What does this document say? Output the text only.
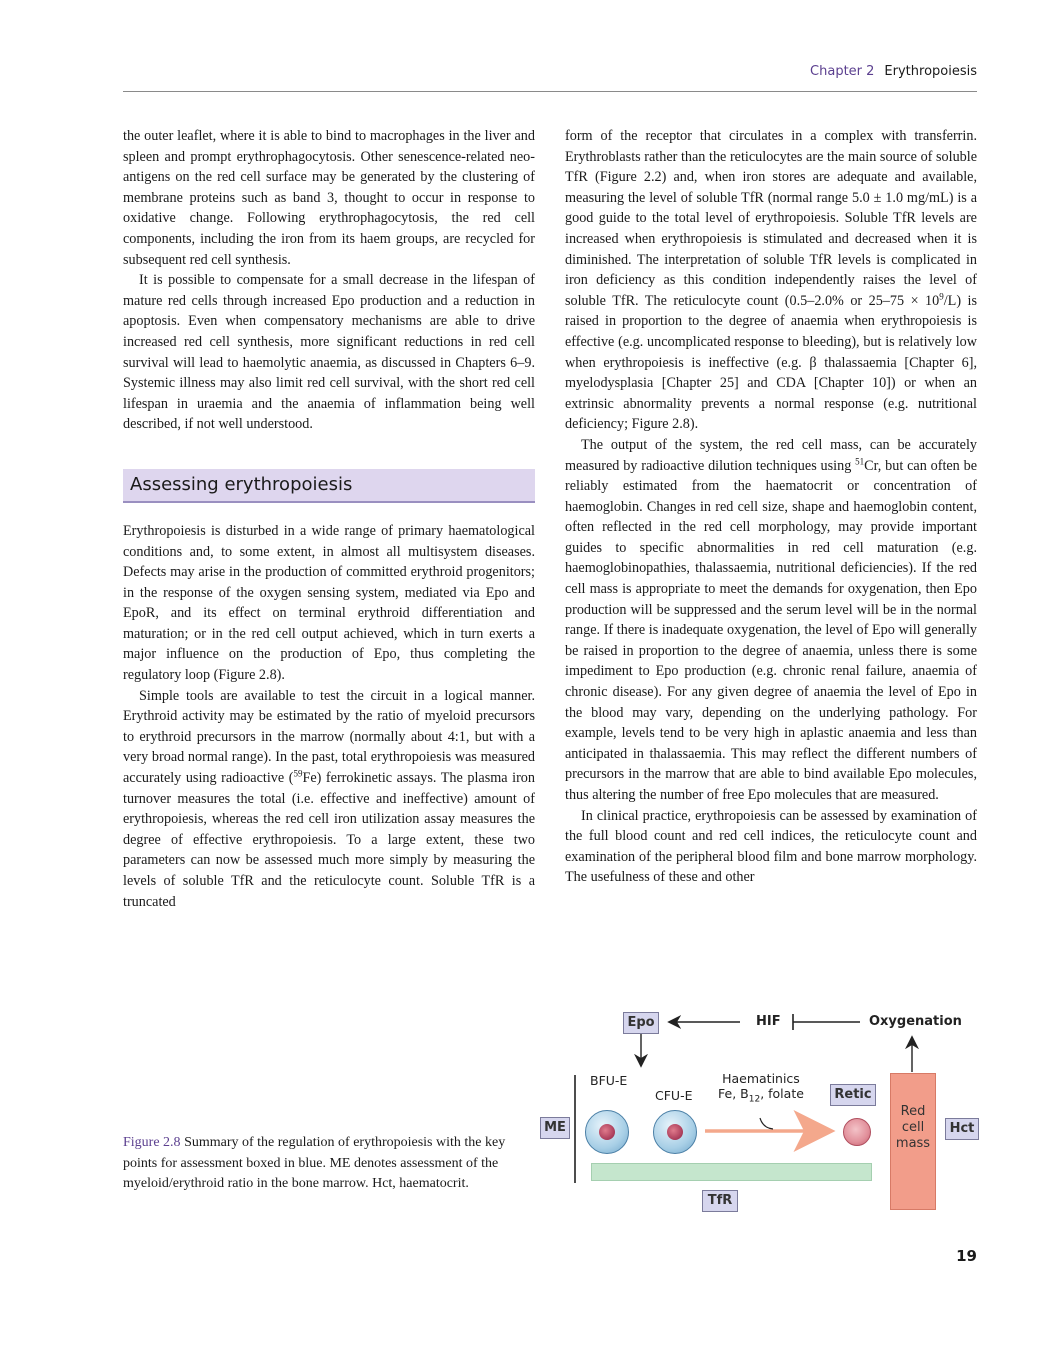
Chapter 2 Erythropoiesis

the outer leaflet, where it is able to bind to macrophages in the liver and spleen and prompt erythrophagocytosis. Other senescence-related neo-antigens on the red cell surface may be generated by the clustering of membrane proteins such as band 3, thought to occur in response to oxidative change. Following erythrophagocytosis, the red cell components, including the iron from its haem groups, are recycled for subsequent red cell synthesis.

It is possible to compensate for a small decrease in the lifespan of mature red cells through increased Epo production and a reduction in apoptosis. Even when compensatory mechanisms are able to drive increased red cell synthesis, more significant reductions in red cell survival will lead to haemolytic anaemia, as discussed in Chapters 6–9. Systemic illness may also limit red cell survival, with the short red cell lifespan in uraemia and the anaemia of inflammation being well described, if not well understood.

Assessing erythropoiesis

Erythropoiesis is disturbed in a wide range of primary haematological conditions and, to some extent, in almost all multisystem diseases. Defects may arise in the production of committed erythroid progenitors; in the response of the oxygen sensing system, mediated via Epo and EpoR, and its effect on terminal erythroid differentiation and maturation; or in the red cell output achieved, which in turn exerts a major influence on the production of Epo, thus completing the regulatory loop (Figure 2.8).

Simple tools are available to test the circuit in a logical manner. Erythroid activity may be estimated by the ratio of myeloid precursors to erythroid precursors in the marrow (normally about 4:1, but with a very broad normal range). In the past, total erythropoiesis was measured accurately using radioactive ($^{59}$Fe) ferrokinetic assays. The plasma iron turnover measures the total (i.e. effective and ineffective) amount of erythropoiesis, whereas the red cell iron utilization assay measures the degree of effective erythropoiesis. To a large extent, these two parameters can now be assessed much more simply by measuring the levels of soluble TfR and the reticulocyte count. Soluble TfR is a truncated

form of the receptor that circulates in a complex with transferrin. Erythroblasts rather than the reticulocytes are the main source of soluble TfR (Figure 2.2) and, when iron stores are adequate and available, measuring the level of soluble TfR (normal range 5.0 ± 1.0 mg/mL) is a good guide to the total level of erythropoiesis. Soluble TfR levels are increased when erythropoiesis is stimulated and decreased when it is diminished. The interpretation of soluble TfR levels is complicated in iron deficiency as this condition independently raises the level of soluble TfR. The reticulocyte count (0.5–2.0% or $25-75 \times 10^9/L$) is raised in proportion to the degree of anaemia when erythropoiesis is effective (e.g. uncomplicated response to bleeding), but is relatively low when erythropoiesis is ineffective (e.g. β thalassaemia [Chapter 6], myelodysplasia [Chapter 25] and CDA [Chapter 10]) or when an extrinsic abnormality prevents a normal response (e.g. nutritional deficiency; Figure 2.8).

The output of the system, the red cell mass, can be accurately measured by radioactive dilution techniques using $^{51}$Cr, but can often be reliably estimated from the haematocrit or concentration of haemoglobin. Changes in red cell size, shape and haemoglobin content, often reflected in the red cell morphology, may provide important guides to specific abnormalities in red cell maturation (e.g. haemoglobinopathies, thalassaemia, nutritional deficiencies). If the red cell mass is appropriate to meet the demands for oxygenation, then Epo production will be suppressed and the serum level will be in the normal range. If there is inadequate oxygenation, the level of Epo will generally be raised in proportion to the degree of anaemia, unless there is some impediment to Epo production (e.g. chronic renal failure, anaemia of chronic disease). For any given degree of anaemia the level of Epo in the blood may vary, depending on the underlying pathology. For example, levels tend to be very high in aplastic anaemia and less than anticipated in thalassaemia. This may reflect the different numbers of precursors in the marrow that are able to bind available Epo molecules, thus altering the number of free Epo molecules that are measured.

In clinical practice, erythropoiesis can be assessed by examination of the full blood count and red cell indices, the reticulocyte count and examination of the peripheral blood film and bone marrow morphology. The usefulness of these and other

Figure 2.8 Summary of the regulation of erythropoiesis with the key points for assessment boxed in blue. ME denotes assessment of the myeloid/erythroid ratio in the bone marrow. Hct, haematocrit.
Epo	HIF	Oxygenation
BFU-E
CFU-E
Haematinics
Fe, $B_{12}$, folate
ME
Retic
Red
cell
mass
Hct
TfR
19
